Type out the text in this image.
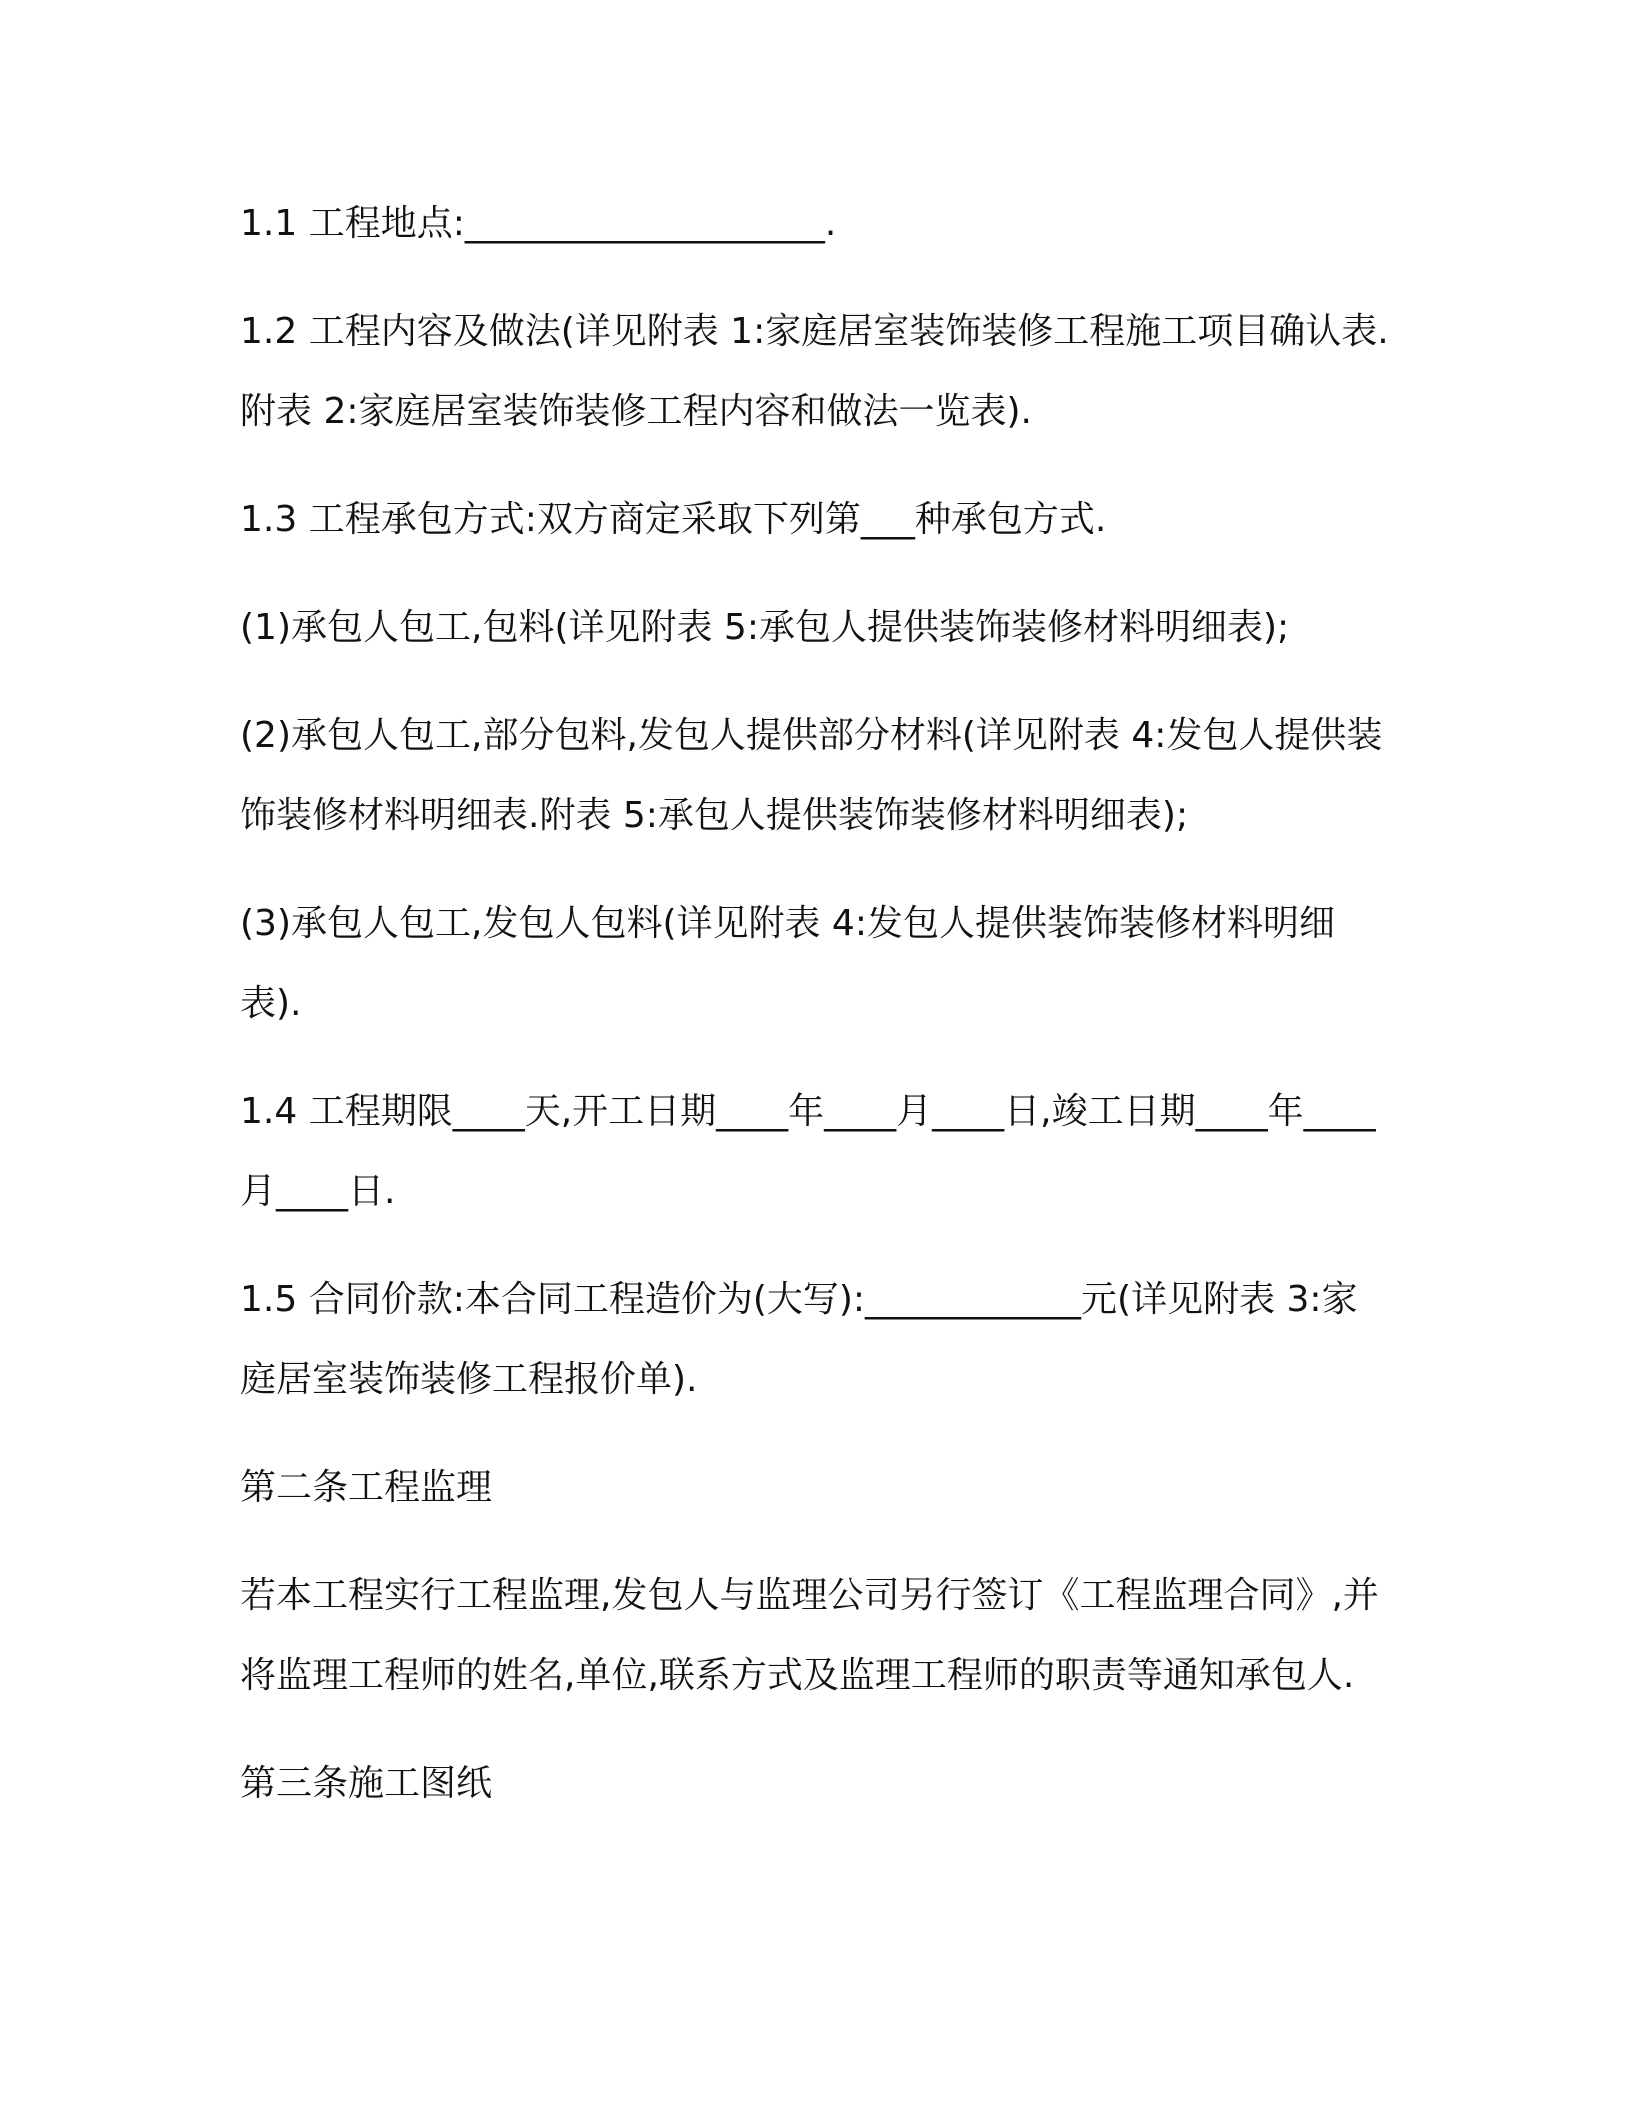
1.1 工程地点:____________________.

1.2 工程内容及做法(详见附表 1:家庭居室装饰装修工程施工项目确认表.附表 2:家庭居室装饰装修工程内容和做法一览表).

1.3 工程承包方式:双方商定采取下列第___种承包方式.

(1)承包人包工,包料(详见附表 5:承包人提供装饰装修材料明细表);

(2)承包人包工,部分包料,发包人提供部分材料(详见附表 4:发包人提供装饰装修材料明细表.附表 5:承包人提供装饰装修材料明细表);

(3)承包人包工,发包人包料(详见附表 4:发包人提供装饰装修材料明细表).

1.4 工程期限____天,开工日期____年____月____日,竣工日期____年____月____日.

1.5 合同价款:本合同工程造价为(大写):____________元(详见附表 3:家庭居室装饰装修工程报价单).

第二条工程监理

若本工程实行工程监理,发包人与监理公司另行签订《工程监理合同》,并将监理工程师的姓名,单位,联系方式及监理工程师的职责等通知承包人.

第三条施工图纸
